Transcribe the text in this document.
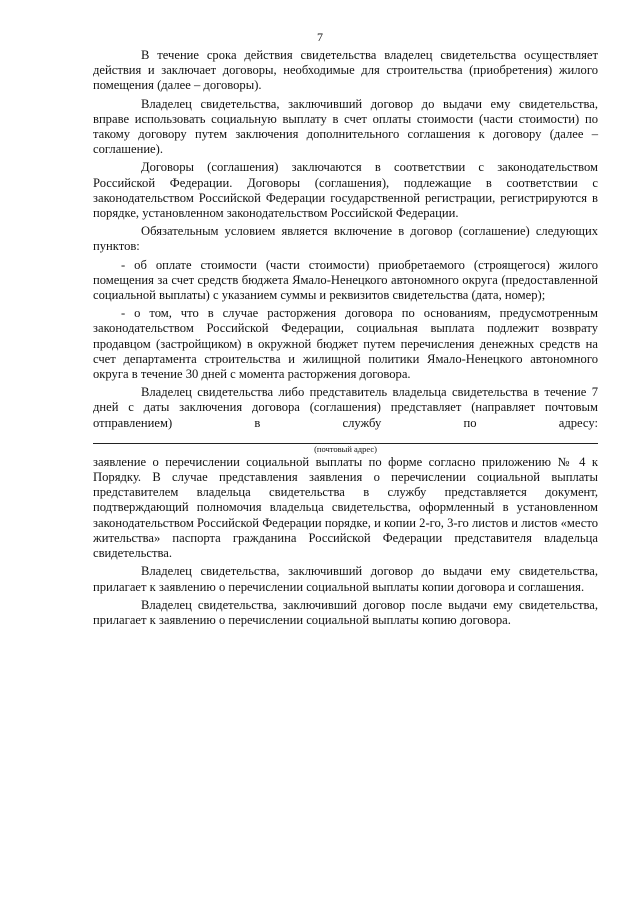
7

В течение срока действия свидетельства владелец свидетельства осуществляет действия и заключает договоры, необходимые для строительства (приобретения) жилого помещения (далее – договоры).

Владелец свидетельства, заключивший договор до выдачи ему свидетельства, вправе использовать социальную выплату в счет оплаты стоимости (части стоимости) по такому договору путем заключения дополнительного соглашения к договору (далее – соглашение).

Договоры (соглашения) заключаются в соответствии с законодательством Российской Федерации. Договоры (соглашения), подлежащие в соответствии с законодательством Российской Федерации государственной регистрации, регистрируются в порядке, установленном законодательством Российской Федерации.

Обязательным условием является включение в договор (соглашение) следующих пунктов:

- об оплате стоимости (части стоимости) приобретаемого (строящегося) жилого помещения за счет средств бюджета Ямало-Ненецкого автономного округа (предоставленной социальной выплаты) с указанием суммы и реквизитов свидетельства (дата, номер);

- о том, что в случае расторжения договора по основаниям, предусмотренным законодательством Российской Федерации, социальная выплата подлежит возврату продавцом (застройщиком) в окружной бюджет путем перечисления денежных средств на счет департамента строительства и жилищной политики Ямало-Ненецкого автономного округа в течение 30 дней с момента расторжения договора.

Владелец свидетельства либо представитель владельца свидетельства в течение 7 дней с даты заключения договора (соглашения) представляет (направляет почтовым отправлением) в службу по адресу:

(почтовый адрес)

заявление о перечислении социальной выплаты по форме согласно приложению № 4 к Порядку. В случае представления заявления о перечислении социальной выплаты представителем владельца свидетельства в службу представляется документ, подтверждающий полномочия владельца свидетельства, оформленный в установленном законодательством Российской Федерации порядке, и копии 2-го, 3-го листов и листов «место жительства» паспорта гражданина Российской Федерации представителя владельца свидетельства.

Владелец свидетельства, заключивший договор до выдачи ему свидетельства, прилагает к заявлению о перечислении социальной выплаты копии договора и соглашения.

Владелец свидетельства, заключивший договор после выдачи ему свидетельства, прилагает к заявлению о перечислении социальной выплаты копию договора.
